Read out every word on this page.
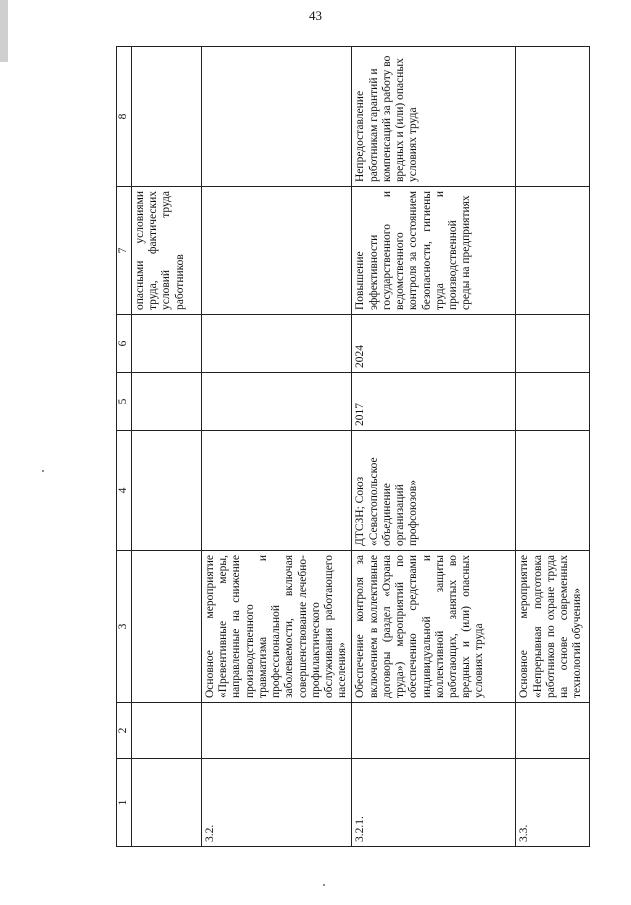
43
1	2	3	4	5	6	7	8
						опасными условиями труда, фактических условий труда работников	
3.2.		Основное мероприятие «Превентивные меры, направленные на снижение производственного травматизма и профессиональной заболеваемости, включая совершенствование лечебно-профилактического обслуживания работающего населения»					
3.2.1.		Обеспечение контроля за включением в коллективные договоры (раздел «Охрана труда») мероприятий по обеспечению средствами индивидуальной и коллективной защиты работающих, занятых во вредных и (или) опасных условиях труда	ДТСЗН; Союз «Севастопольское объединение организаций профсоюзов»	2017	2024	Повышение эффективности государственного и ведомственного контроля за состоянием безопасности, гигиены труда и производственной среды на предприятиях	Непредоставление работникам гарантий и компенсаций за работу во вредных и (или) опасных условиях труда
3.3.		Основное мероприятие «Непрерывная подготовка работников по охране труда на основе современных технологий обучения»					
